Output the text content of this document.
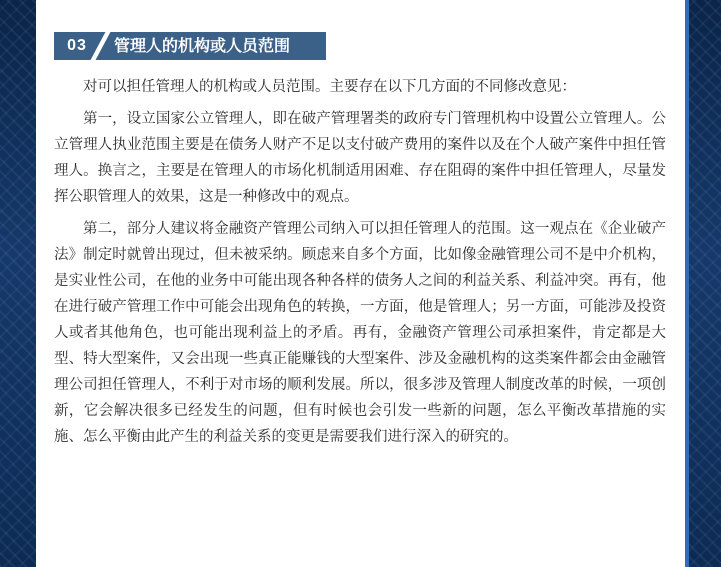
03	管理人的机构或人员范围

对可以担任管理人的机构或人员范围。主要存在以下几方面的不同修改意见：

第一，设立国家公立管理人，即在破产管理署类的政府专门管理机构中设置公立管理人。公立管理人执业范围主要是在债务人财产不足以支付破产费用的案件以及在个人破产案件中担任管理人。换言之，主要是在管理人的市场化机制适用困难、存在阻碍的案件中担任管理人，尽量发挥公职管理人的效果，这是一种修改中的观点。

第二，部分人建议将金融资产管理公司纳入可以担任管理人的范围。这一观点在《企业破产法》制定时就曾出现过，但未被采纳。顾虑来自多个方面，比如像金融管理公司不是中介机构，是实业性公司，在他的业务中可能出现各种各样的债务人之间的利益关系、利益冲突。再有，他在进行破产管理工作中可能会出现角色的转换，一方面，他是管理人；另一方面，可能涉及投资人或者其他角色，也可能出现利益上的矛盾。再有，金融资产管理公司承担案件，肯定都是大型、特大型案件，又会出现一些真正能赚钱的大型案件、涉及金融机构的这类案件都会由金融管理公司担任管理人，不利于对市场的顺利发展。所以，很多涉及管理人制度改革的时候，一项创新，它会解决很多已经发生的问题，但有时候也会引发一些新的问题，怎么平衡改革措施的实施、怎么平衡由此产生的利益关系的变更是需要我们进行深入的研究的。
